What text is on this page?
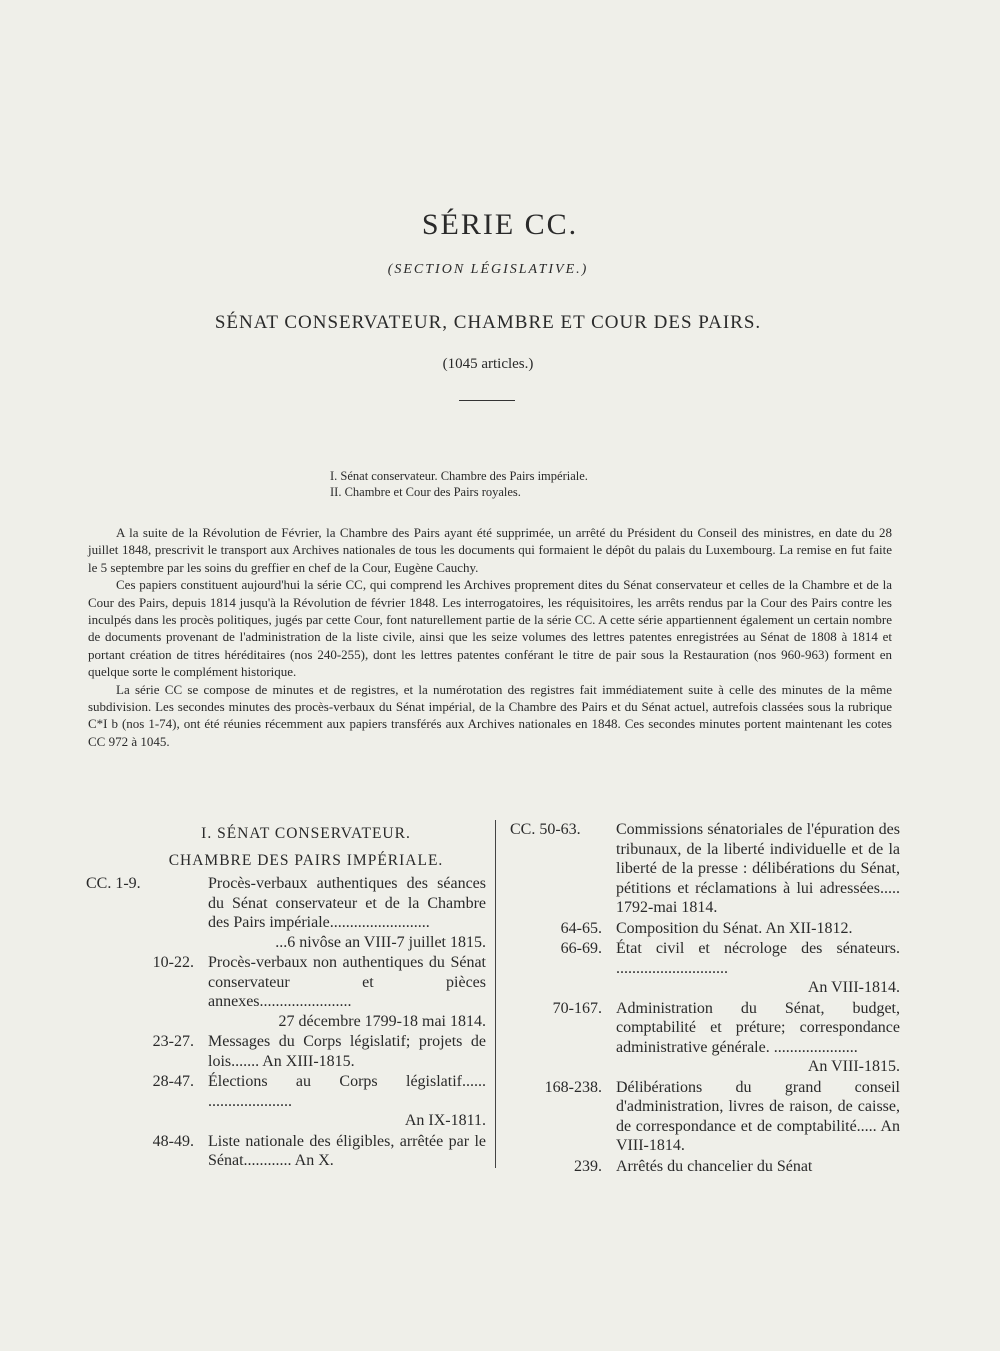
SÉRIE CC.
(SECTION LÉGISLATIVE.)
SÉNAT CONSERVATEUR, CHAMBRE ET COUR DES PAIRS.
(1045 articles.)
I. Sénat conservateur. Chambre des Pairs impériale.
II. Chambre et Cour des Pairs royales.

A la suite de la Révolution de Février, la Chambre des Pairs ayant été supprimée, un arrêté du Président du Conseil des ministres, en date du 28 juillet 1848, prescrivit le transport aux Archives nationales de tous les documents qui formaient le dépôt du palais du Luxembourg. La remise en fut faite le 5 septembre par les soins du greffier en chef de la Cour, Eugène Cauchy.

Ces papiers constituent aujourd'hui la série CC, qui comprend les Archives proprement dites du Sénat conservateur et celles de la Chambre et de la Cour des Pairs, depuis 1814 jusqu'à la Révolution de février 1848. Les interrogatoires, les réquisitoires, les arrêts rendus par la Cour des Pairs contre les inculpés dans les procès politiques, jugés par cette Cour, font naturellement partie de la série CC. A cette série appartiennent également un certain nombre de documents provenant de l'administration de la liste civile, ainsi que les seize volumes des lettres patentes enregistrées au Sénat de 1808 à 1814 et portant création de titres héréditaires (nos 240-255), dont les lettres patentes conférant le titre de pair sous la Restauration (nos 960-963) forment en quelque sorte le complément historique.

La série CC se compose de minutes et de registres, et la numérotation des registres fait immédiatement suite à celle des minutes de la même subdivision. Les secondes minutes des procès-verbaux du Sénat impérial, de la Chambre des Pairs et du Sénat actuel, autrefois classées sous la rubrique C*I b (nos 1-74), ont été réunies récemment aux papiers transférés aux Archives nationales en 1848. Ces secondes minutes portent maintenant les cotes CC 972 à 1045.

I. SÉNAT CONSERVATEUR.
CHAMBRE DES PAIRS IMPÉRIALE.
CC. 1-9.	Procès-verbaux authentiques des séances du Sénat conservateur et de la Chambre des Pairs impériale.........................
...6 nivôse an VIII-7 juillet 1815.
10-22. Procès-verbaux non authentiques du Sénat conservateur et pièces annexes.......................
27 décembre 1799-18 mai 1814.
23-27. Messages du Corps législatif; projets de lois....... An XIII-1815.
28-47. Élections au Corps législatif...... .....................
An IX-1811.
48-49. Liste nationale des éligibles, arrêtée par le Sénat............ An X.
CC. 50-63.	Commissions sénatoriales de l'épuration des tribunaux, de la liberté individuelle et de la liberté de la presse : délibérations du Sénat, pétitions et réclamations à lui adressées..... 1792-mai 1814.
64-65. Composition du Sénat. An XII-1812.
66-69. État civil et nécrologe des sénateurs. ............................
An VIII-1814.
70-167. Administration du Sénat, budget, comptabilité et préture; correspondance administrative générale. .....................
An VIII-1815.
168-238. Délibérations du grand conseil d'administration, livres de raison, de caisse, de correspondance et de comptabilité..... An VIII-1814.
239. Arrêtés du chancelier du Sénat
